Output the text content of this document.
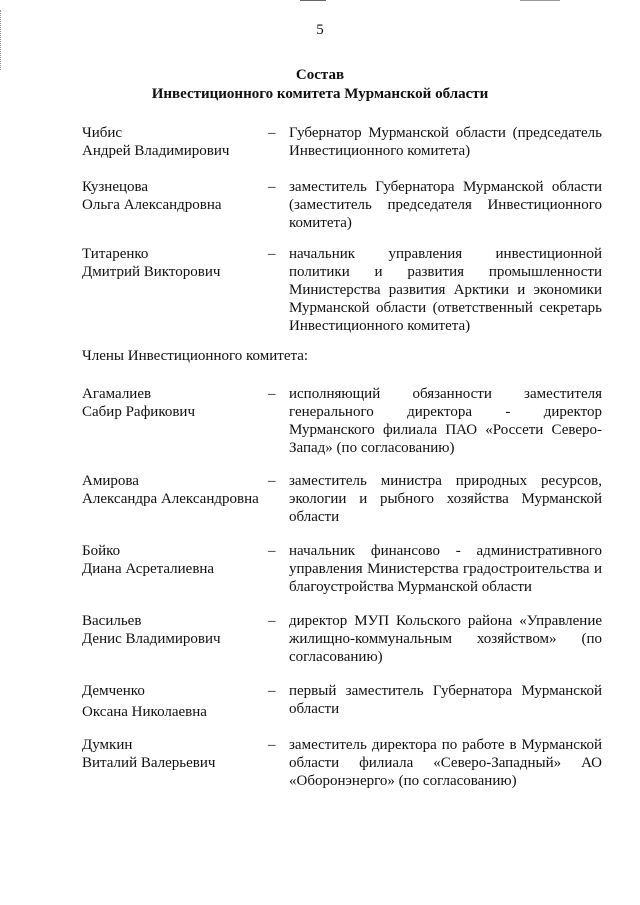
5
Состав
Инвестиционного комитета Мурманской области
Чибис
Андрей Владимирович
– Губернатор Мурманской области (председатель Инвестиционного комитета)
Кузнецова
Ольга Александровна
– заместитель Губернатора Мурманской области (заместитель председателя Инвестиционного комитета)
Титаренко
Дмитрий Викторович
– начальник управления инвестиционной политики и развития промышленности Министерства развития Арктики и экономики Мурманской области (ответственный секретарь Инвестиционного комитета)
Члены Инвестиционного комитета:
Агамалиев
Сабир Рафикович
– исполняющий обязанности заместителя генерального директора - директор Мурманского филиала ПАО «Россети Северо-Запад» (по согласованию)
Амирова
Александра Александровна
– заместитель министра природных ресурсов, экологии и рыбного хозяйства Мурманской области
Бойко
Диана Асреталиевна
– начальник финансово - административного управления Министерства градостроительства и благоустройства Мурманской области
Васильев
Денис Владимирович
– директор МУП Кольского района «Управление жилищно-коммунальным хозяйством» (по согласованию)
Демченко
Оксана Николаевна
– первый заместитель Губернатора Мурманской области
Думкин
Виталий Валерьевич
– заместитель директора по работе в Мурманской области филиала «Северо-Западный» АО «Оборонэнерго» (по согласованию)
